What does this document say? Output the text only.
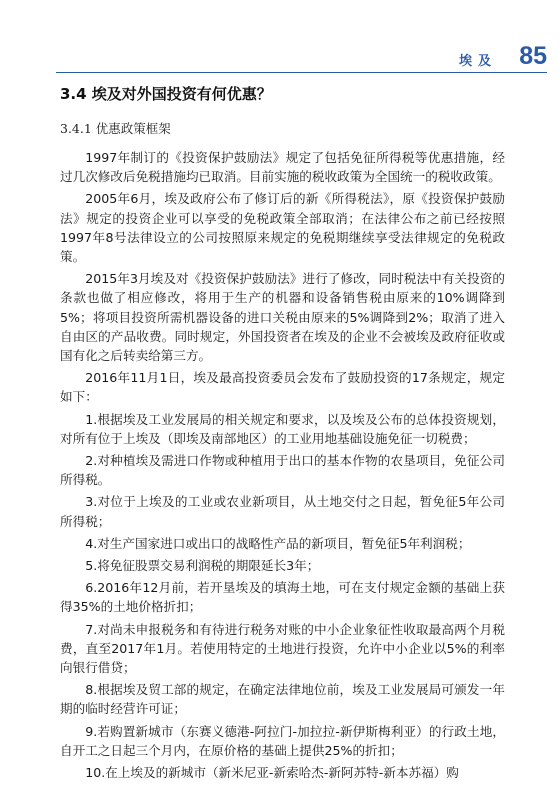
埃及 85
3.4 埃及对外国投资有何优惠？
3.4.1 优惠政策框架

1997年制订的《投资保护鼓励法》规定了包括免征所得税等优惠措施，经过几次修改后免税措施均已取消。目前实施的税收政策为全国统一的税收政策。

2005年6月，埃及政府公布了修订后的新《所得税法》，原《投资保护鼓励法》规定的投资企业可以享受的免税政策全部取消；在法律公布之前已经按照1997年8号法律设立的公司按照原来规定的免税期继续享受法律规定的免税政策。

2015年3月埃及对《投资保护鼓励法》进行了修改，同时税法中有关投资的条款也做了相应修改，将用于生产的机器和设备销售税由原来的10%调降到5%；将项目投资所需机器设备的进口关税由原来的5%调降到2%；取消了进入自由区的产品收费。同时规定，外国投资者在埃及的企业不会被埃及政府征收或国有化之后转卖给第三方。

2016年11月1日，埃及最高投资委员会发布了鼓励投资的17条规定，规定如下：

1.根据埃及工业发展局的相关规定和要求，以及埃及公布的总体投资规划，对所有位于上埃及（即埃及南部地区）的工业用地基础设施免征一切税费；

2.对种植埃及需进口作物或种植用于出口的基本作物的农垦项目，免征公司所得税。

3.对位于上埃及的工业或农业新项目，从土地交付之日起，暂免征5年公司所得税；

4.对生产国家进口或出口的战略性产品的新项目，暂免征5年利润税；

5.将免征股票交易利润税的期限延长3年；

6.2016年12月前，若开垦埃及的填海土地，可在支付规定金额的基础上获得35%的土地价格折扣；

7.对尚未申报税务和有待进行税务对账的中小企业象征性收取最高两个月税费，直至2017年1月。若使用特定的土地进行投资，允许中小企业以5%的利率向银行借贷；

8.根据埃及贸工部的规定，在确定法律地位前，埃及工业发展局可颁发一年期的临时经营许可证；

9.若购置新城市（东赛义德港-阿拉门-加拉拉-新伊斯梅利亚）的行政土地，自开工之日起三个月内，在原价格的基础上提供25%的折扣；

10.在上埃及的新城市（新米尼亚-新索哈杰-新阿苏特-新本苏福）购
